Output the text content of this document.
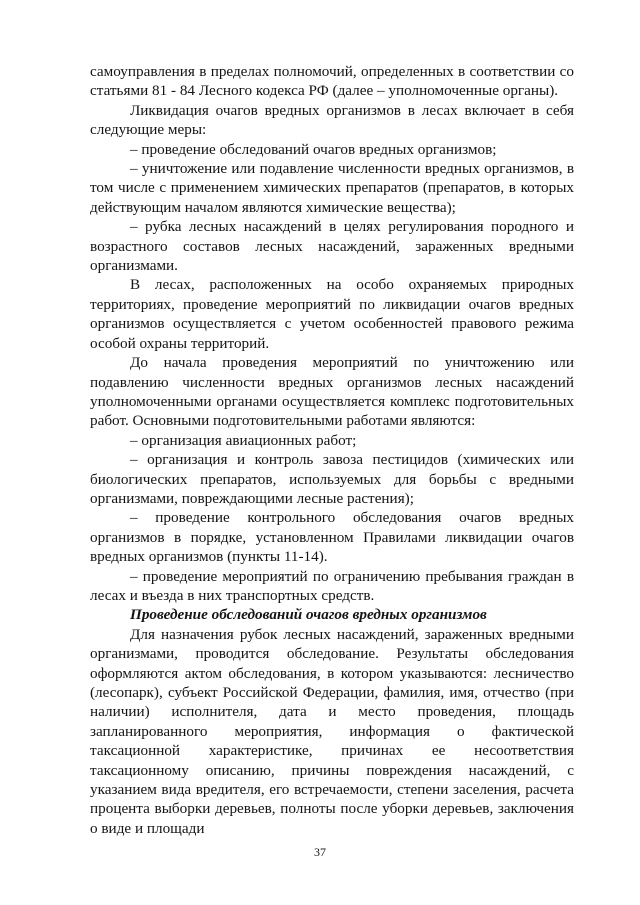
самоуправления в пределах полномочий, определенных в соответствии со статьями 81 - 84 Лесного кодекса РФ (далее – уполномоченные органы).

Ликвидация очагов вредных организмов в лесах включает в себя следующие меры:

– проведение обследований очагов вредных организмов;

– уничтожение или подавление численности вредных организмов, в том числе с применением химических препаратов (препаратов, в которых действующим началом являются химические вещества);

– рубка лесных насаждений в целях регулирования породного и возрастного составов лесных насаждений, зараженных вредными организмами.

В лесах, расположенных на особо охраняемых природных территориях, проведение мероприятий по ликвидации очагов вредных организмов осуществляется с учетом особенностей правового режима особой охраны территорий.

До начала проведения мероприятий по уничтожению или подавлению численности вредных организмов лесных насаждений уполномоченными органами осуществляется комплекс подготовительных работ. Основными подготовительными работами являются:

– организация авиационных работ;

– организация и контроль завоза пестицидов (химических или биологических препаратов, используемых для борьбы с вредными организмами, повреждающими лесные растения);

– проведение контрольного обследования очагов вредных организмов в порядке, установленном Правилами ликвидации очагов вредных организмов (пункты 11-14).

– проведение мероприятий по ограничению пребывания граждан в лесах и въезда в них транспортных средств.

Проведение обследований очагов вредных организмов

Для назначения рубок лесных насаждений, зараженных вредными организмами, проводится обследование. Результаты обследования оформляются актом обследования, в котором указываются: лесничество (лесопарк), субъект Российской Федерации, фамилия, имя, отчество (при наличии) исполнителя, дата и место проведения, площадь запланированного мероприятия, информация о фактической таксационной характеристике, причинах ее несоответствия таксационному описанию, причины повреждения насаждений, с указанием вида вредителя, его встречаемости, степени заселения, расчета процента выборки деревьев, полноты после уборки деревьев, заключения о виде и площади

37
